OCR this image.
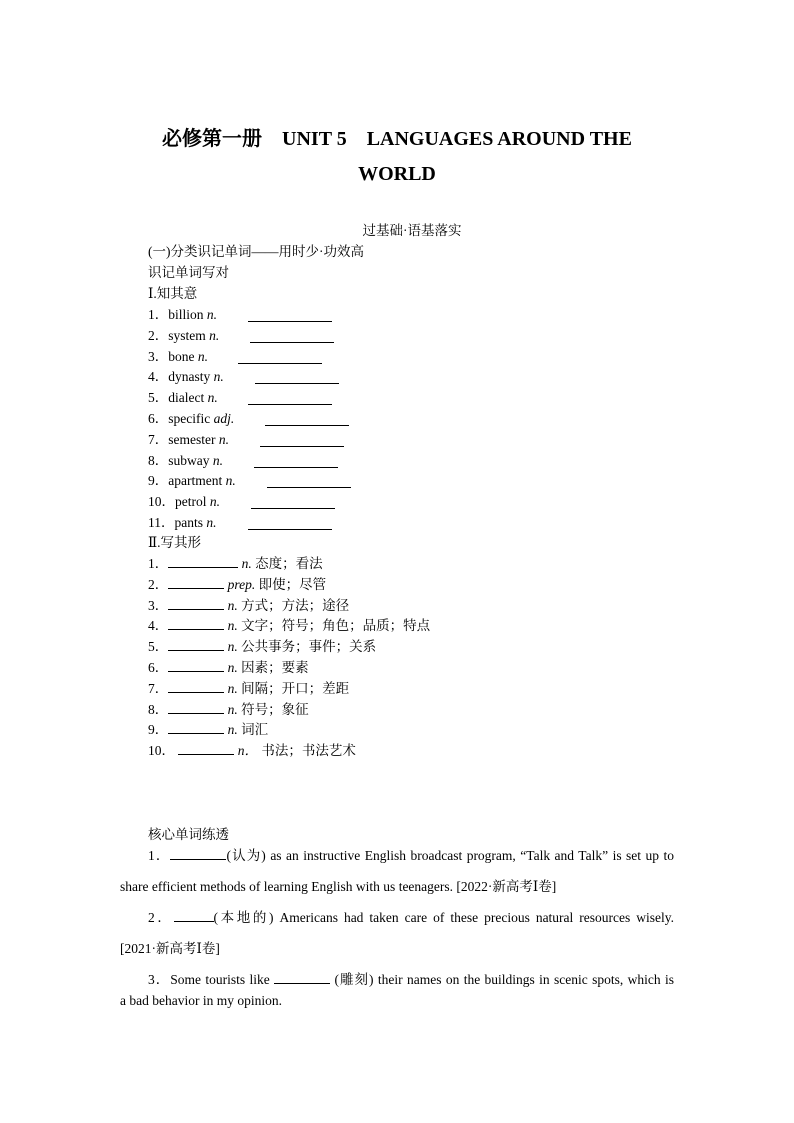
必修第一册　UNIT 5　LANGUAGES AROUND THE
WORLD
过基础·语基落实
(一)分类识记单词——用时少·功效高
识记单词写对
Ⅰ.知其意
1．billion n.
2．system n.
3．bone n.
4．dynasty n.
5．dialect n.
6．specific adj.
7．semester n.
8．subway n.
9．apartment n.
10．petrol n.
11．pants n.
Ⅱ.写其形
1．	n. 态度；看法
2．	prep. 即使；尽管
3．	n. 方式；方法；途径
4．	n. 文字；符号；角色；品质；特点
5．	n. 公共事务；事件；关系
6．	n. 因素；要素
7．	n. 间隔；开口；差距
8．	n. 符号；象征
9．	n. 词汇
10．	n． 书法；书法艺术
核心单词练透
1．	(认为) as an instructive English broadcast program, “Talk and Talk” is set up to
share efficient methods of learning English with us teenagers. [2022·新高考Ⅰ卷]
2．	(本地的) Americans had taken care of these precious natural resources wisely.
[2021·新高考Ⅰ卷]
3．Some tourists like	(雕刻) their names on the buildings in scenic spots, which is
a bad behavior in my opinion.
